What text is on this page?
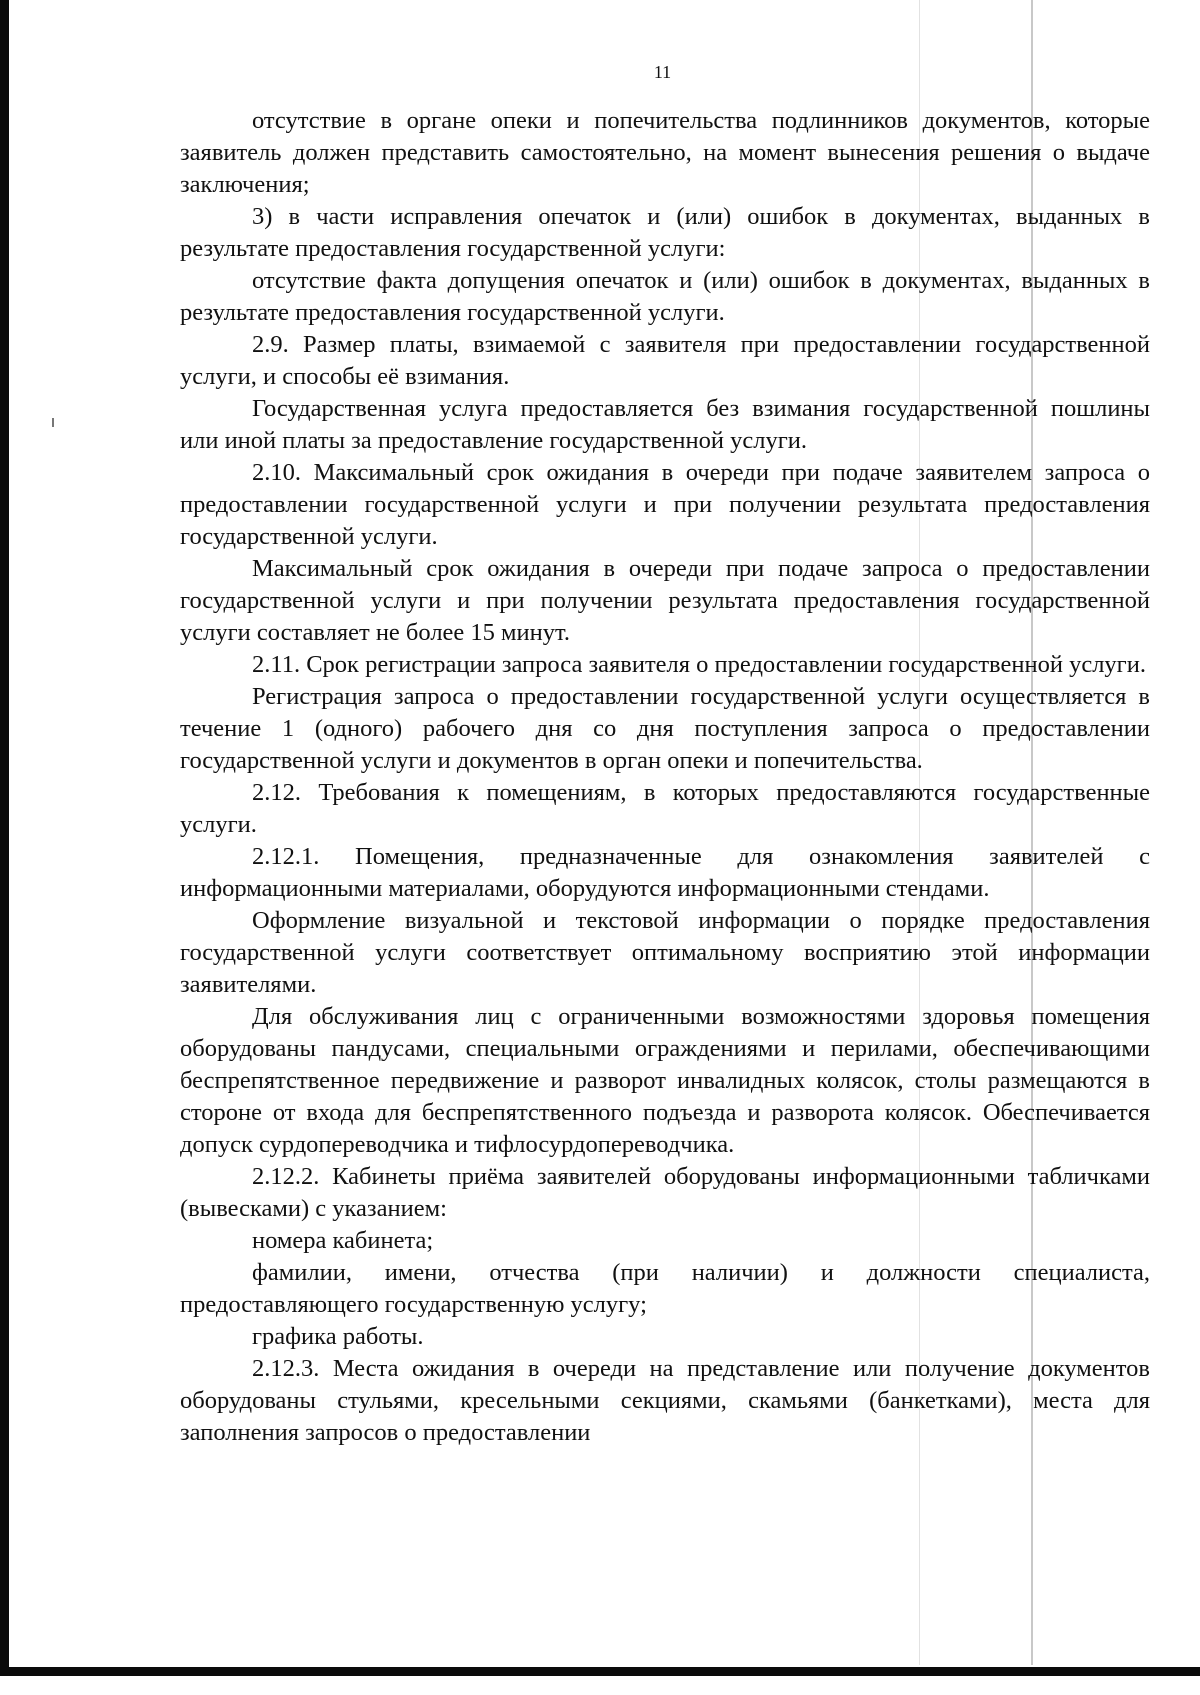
11

отсутствие в органе опеки и попечительства подлинников документов, которые заявитель должен представить самостоятельно, на момент вынесения решения о выдаче заключения;

3) в части исправления опечаток и (или) ошибок в документах, выданных в результате предоставления государственной услуги:

отсутствие факта допущения опечаток и (или) ошибок в документах, выданных в результате предоставления государственной услуги.

2.9. Размер платы, взимаемой с заявителя при предоставлении государственной услуги, и способы её взимания.

Государственная услуга предоставляется без взимания государственной пошлины или иной платы за предоставление государственной услуги.

2.10. Максимальный срок ожидания в очереди при подаче заявителем запроса о предоставлении государственной услуги и при получении результата предоставления государственной услуги.

Максимальный срок ожидания в очереди при подаче запроса о предоставлении государственной услуги и при получении результата предоставления государственной услуги составляет не более 15 минут.

2.11. Срок регистрации запроса заявителя о предоставлении государственной услуги.

Регистрация запроса о предоставлении государственной услуги осуществляется в течение 1 (одного) рабочего дня со дня поступления запроса о предоставлении государственной услуги и документов в орган опеки и попечительства.

2.12. Требования к помещениям, в которых предоставляются государственные услуги.

2.12.1. Помещения, предназначенные для ознакомления заявителей с информационными материалами, оборудуются информационными стендами.

Оформление визуальной и текстовой информации о порядке предоставления государственной услуги соответствует оптимальному восприятию этой информации заявителями.

Для обслуживания лиц с ограниченными возможностями здоровья помещения оборудованы пандусами, специальными ограждениями и перилами, обеспечивающими беспрепятственное передвижение и разворот инвалидных колясок, столы размещаются в стороне от входа для беспрепятственного подъезда и разворота колясок. Обеспечивается допуск сурдопереводчика и тифлосурдопереводчика.

2.12.2. Кабинеты приёма заявителей оборудованы информационными табличками (вывесками) с указанием:

номера кабинета;

фамилии, имени, отчества (при наличии) и должности специалиста, предоставляющего государственную услугу;

графика работы.

2.12.3. Места ожидания в очереди на представление или получение документов оборудованы стульями, кресельными секциями, скамьями (банкетками), места для заполнения запросов о предоставлении
